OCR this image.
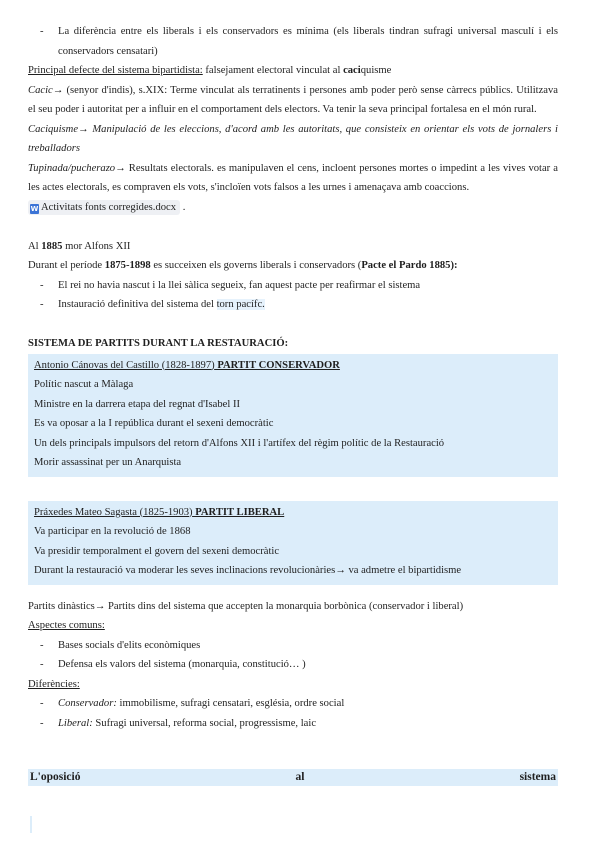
- La diferència entre els liberals i els conservadors es mínima (els liberals tindran sufragi universal masculí i els conservadors censatari)

Principal defecte del sistema bipartidista: falsejament electoral vinculat al caciquisme

Cacic→ (senyor d'indis), s.XIX: Terme vinculat als terratinents i persones amb poder però sense càrrecs públics. Utilitzava el seu poder i autoritat per a influir en el comportament dels electors. Va tenir la seva principal fortalesa en el món rural.

Caciquisme→ Manipulació de les eleccions, d'acord amb les autoritats, que consisteix en orientar els vots de jornalers i treballadors

Tupinada/pucherazo→ Resultats electorals. es manipulaven el cens, incloent persones mortes o impedint a les vives votar a les actes electorals, es compraven els vots, s'incloïen vots falsos a les urnes i amenaçava amb coaccions.

W Activitats fonts corregides.docx .

Al 1885 mor Alfons XII

Durant el període 1875-1898 es succeixen els governs liberals i conservadors (Pacte el Pardo 1885):

- El rei no havia nascut i la llei sàlica segueix, fan aquest pacte per reafirmar el sistema

- Instauració definitiva del sistema del torn pacífc.

SISTEMA DE PARTITS DURANT LA RESTAURACIÓ:

Antonio Cánovas del Castillo (1828-1897) PARTIT CONSERVADOR

Polític nascut a Màlaga

Ministre en la darrera etapa del regnat d'Isabel II

Es va oposar a la I república durant el sexeni democràtic

Un dels principals impulsors del retorn d'Alfons XII i l'artífex del règim polític de la Restauració

Morir assassinat per un Anarquista

Práxedes Mateo Sagasta (1825-1903) PARTIT LIBERAL

Va participar en la revolució de 1868

Va presidir temporalment el govern del sexeni democràtic

Durant la restauració va moderar les seves inclinacions revolucionàries→ va admetre el bipartidisme

Partits dinàstics→ Partits dins del sistema que accepten la monarquia borbònica (conservador i liberal)

Aspectes comuns:

- Bases socials d'elits econòmiques

- Defensa els valors del sistema (monarquia, constitució… )

Diferències:

- Conservador: immobilisme, sufragi censatari, església, ordre social

- Liberal: Sufragi universal, reforma social, progressisme, laic

L'oposició	al	sistema
